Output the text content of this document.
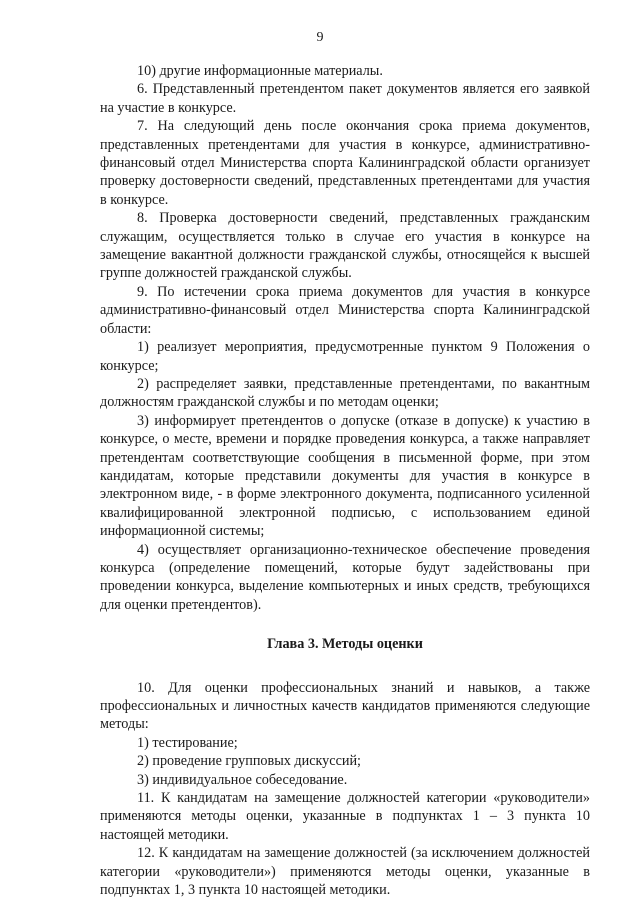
9

10) другие информационные материалы.

6. Представленный претендентом пакет документов является его заявкой на участие в конкурсе.

7. На следующий день после окончания срока приема документов, представленных претендентами для участия в конкурсе, административно-финансовый отдел Министерства спорта Калининградской области организует проверку достоверности сведений, представленных претендентами для участия в конкурсе.

8. Проверка достоверности сведений, представленных гражданским служащим, осуществляется только в случае его участия в конкурсе на замещение вакантной должности гражданской службы, относящейся к высшей группе должностей гражданской службы.

9. По истечении срока приема документов для участия в конкурсе административно-финансовый отдел Министерства спорта Калининградской области:

1) реализует мероприятия, предусмотренные пунктом 9 Положения о конкурсе;

2) распределяет заявки, представленные претендентами, по вакантным должностям гражданской службы и по методам оценки;

3) информирует претендентов о допуске (отказе в допуске) к участию в конкурсе, о месте, времени и порядке проведения конкурса, а также направляет претендентам соответствующие сообщения в письменной форме, при этом кандидатам, которые представили документы для участия в конкурсе в электронном виде, - в форме электронного документа, подписанного усиленной квалифицированной электронной подписью, с использованием единой информационной системы;

4) осуществляет организационно-техническое обеспечение проведения конкурса (определение помещений, которые будут задействованы при проведении конкурса, выделение компьютерных и иных средств, требующихся для оценки претендентов).

Глава 3. Методы оценки

10. Для оценки профессиональных знаний и навыков, а также профессиональных и личностных качеств кандидатов применяются следующие методы:

1) тестирование;

2) проведение групповых дискуссий;

3) индивидуальное собеседование.

11. К кандидатам на замещение должностей категории «руководители» применяются методы оценки, указанные в подпунктах 1 – 3 пункта 10 настоящей методики.

12. К кандидатам на замещение должностей (за исключением должностей категории «руководители») применяются методы оценки, указанные в подпунктах 1, 3 пункта 10 настоящей методики.
